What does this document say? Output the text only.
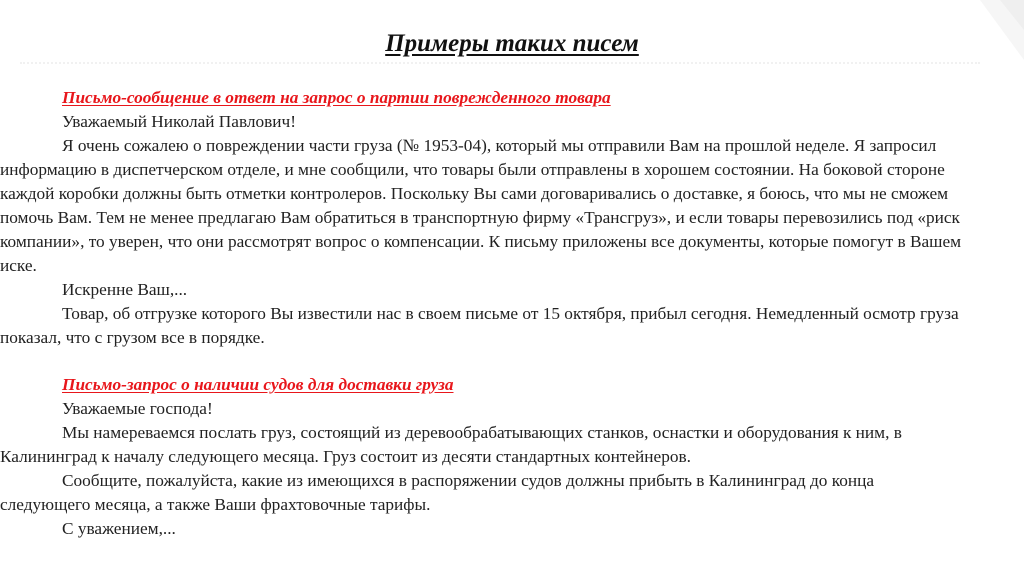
Примеры таких писем

Письмо-сообщение в ответ на запрос о партии поврежденного товара

Уважаемый Николай Павлович!

Я очень сожалею о повреждении части груза (№ 1953-04), который мы отправили Вам на прошлой неделе. Я запросил информацию в диспетчерском отделе, и мне сообщили, что товары были отправлены в хорошем состоянии. На боковой стороне каждой коробки должны быть отметки контролеров. Поскольку Вы сами договаривались о доставке, я боюсь, что мы не сможем помочь Вам. Тем не менее предлагаю Вам обратиться в транспортную фирму «Трансгруз», и если товары перевозились под «риск компании», то уверен, что они рассмотрят вопрос о компенсации. К письму приложены все документы, которые помогут в Вашем иске.

Искренне Ваш,...

Товар, об отгрузке которого Вы известили нас в своем письме от 15 октября, прибыл сегодня. Немедленный осмотр груза показал, что с грузом все в порядке.

Письмо-запрос о наличии судов для доставки груза

Уважаемые господа!

Мы намереваемся послать груз, состоящий из деревообрабатывающих станков, оснастки и оборудования к ним, в Калининград к началу следующего месяца. Груз состоит из десяти стандартных контейнеров.

Сообщите, пожалуйста, какие из имеющихся в распоряжении судов должны прибыть в Калининград до конца следующего месяца, а также Ваши фрахтовочные тарифы.

С уважением,...
